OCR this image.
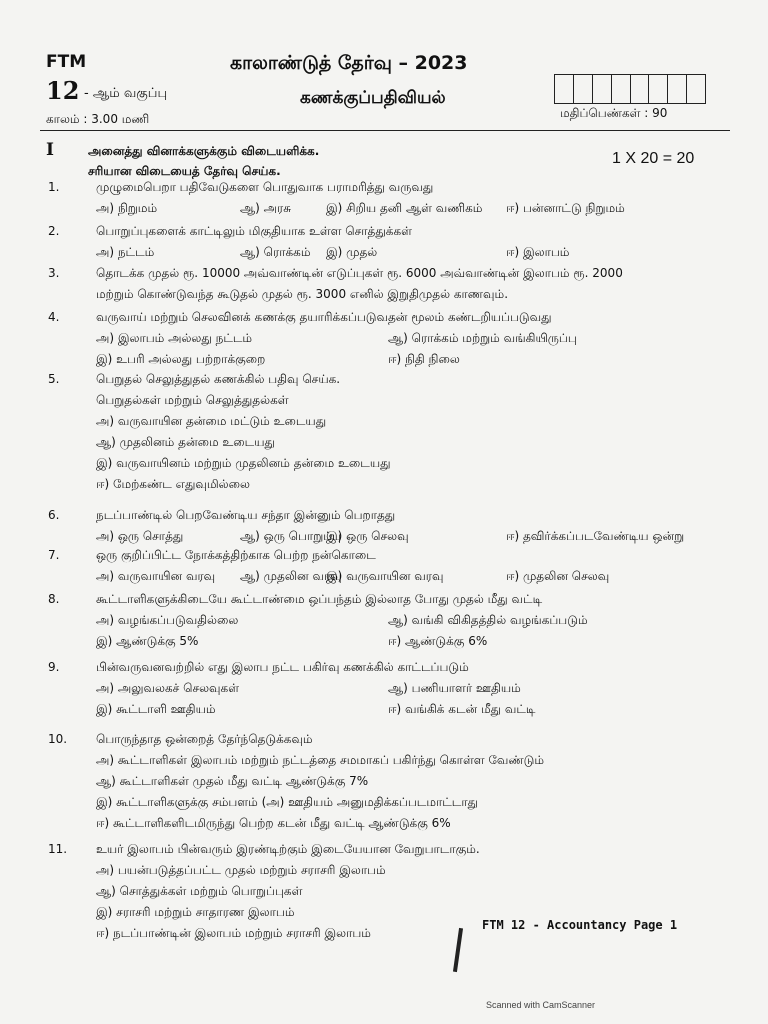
FTM
12 - ஆம் வகுப்பு
காலாண்டுத் தேர்வு – 2023
கணக்குப்பதிவியல்
காலம் : 3.00 மணி	மதிப்பெண்கள் : 90
I	அனைத்து வினாக்களுக்கும் விடையளிக்க.
சரியான விடையைத் தேர்வு செய்க.
1 X 20 = 20
1.	முழுமைபெறா பதிவேடுகளை பொதுவாக பராமரித்து வருவது
அ) நிறுமம்	ஆ) அரசு	இ) சிறிய தனி ஆள் வணிகம் ஈ) பன்னாட்டு நிறுமம்
2.	பொறுப்புகளைக் காட்டிலும் மிகுதியாக உள்ள சொத்துக்கள்
அ) நட்டம்	ஆ) ரொக்கம் இ) முதல்	ஈ) இலாபம்
3.	தொடக்க முதல் ரூ. 10000 அவ்வாண்டின் எடுப்புகள் ரூ. 6000 அவ்வாண்டின் இலாபம் ரூ. 2000
மற்றும் கொண்டுவந்த கூடுதல் முதல் ரூ. 3000 எனில் இறுதிமுதல் காணவும்.
4.	வருவாய் மற்றும் செலவினக் கணக்கு தயாரிக்கப்படுவதன் மூலம் கண்டறியப்படுவது
அ) இலாபம் அல்லது நட்டம்	ஆ) ரொக்கம் மற்றும் வங்கியிருப்பு
இ) உபரி அல்லது பற்றாக்குறை	ஈ) நிதி நிலை
5.	பெறுதல் செலுத்துதல் கணக்கில் பதிவு செய்க.
பெறுதல்கள் மற்றும் செலுத்துதல்கள்
அ) வருவாயின தன்மை மட்டும் உடையது
ஆ) முதலினம் தன்மை உடையது
இ) வருவாயினம் மற்றும் முதலினம் தன்மை உடையது
ஈ) மேற்கண்ட எதுவுமில்லை
6.	நடப்பாண்டில் பெறவேண்டிய சந்தா இன்னும் பெறாதது
அ) ஒரு சொத்து	ஆ) ஒரு பொறுப்பு
இ) ஒரு செலவு	ஈ) தவிர்க்கப்படவேண்டிய ஒன்று
7.	ஒரு குறிப்பிட்ட நோக்கத்திற்காக பெற்ற நன்கொடை
அ) வருவாயின வரவு ஆ) முதலின வரவு
இ) வருவாயின வரவு	ஈ) முதலின செலவு
8.	கூட்டாளிகளுக்கிடையே கூட்டாண்மை ஒப்பந்தம் இல்லாத போது முதல் மீது வட்டி
அ) வழங்கப்படுவதில்லை	ஆ) வங்கி விகிதத்தில் வழங்கப்படும்
இ) ஆண்டுக்கு 5%	ஈ) ஆண்டுக்கு 6%
9.	பின்வருவனவற்றில் எது இலாப நட்ட பகிர்வு கணக்கில் காட்டப்படும்
அ) அலுவலகச் செலவுகள்	ஆ) பணியாளர் ஊதியம்
இ) கூட்டாளி ஊதியம்	ஈ) வங்கிக் கடன் மீது வட்டி
10. பொருந்தாத ஒன்றைத் தேர்ந்தெடுக்கவும்
அ) கூட்டாளிகள் இலாபம் மற்றும் நட்டத்தை சமமாகப் பகிர்ந்து கொள்ள வேண்டும்
ஆ) கூட்டாளிகள் முதல் மீது வட்டி ஆண்டுக்கு 7%
இ) கூட்டாளிகளுக்கு சம்பளம் (அ) ஊதியம் அனுமதிக்கப்படமாட்டாது
ஈ) கூட்டாளிகளிடமிருந்து பெற்ற கடன் மீது வட்டி ஆண்டுக்கு 6%
11. உயர் இலாபம் பின்வரும் இரண்டிற்கும் இடையேயான வேறுபாடாகும்.
அ) பயன்படுத்தப்பட்ட முதல் மற்றும் சராசரி இலாபம்
ஆ) சொத்துக்கள் மற்றும் பொறுப்புகள்
இ) சராசரி மற்றும் சாதாரண இலாபம்
ஈ) நடப்பாண்டின் இலாபம் மற்றும் சராசரி இலாபம்
FTM 12 - Accountancy Page 1
Scanned with CamScanner
